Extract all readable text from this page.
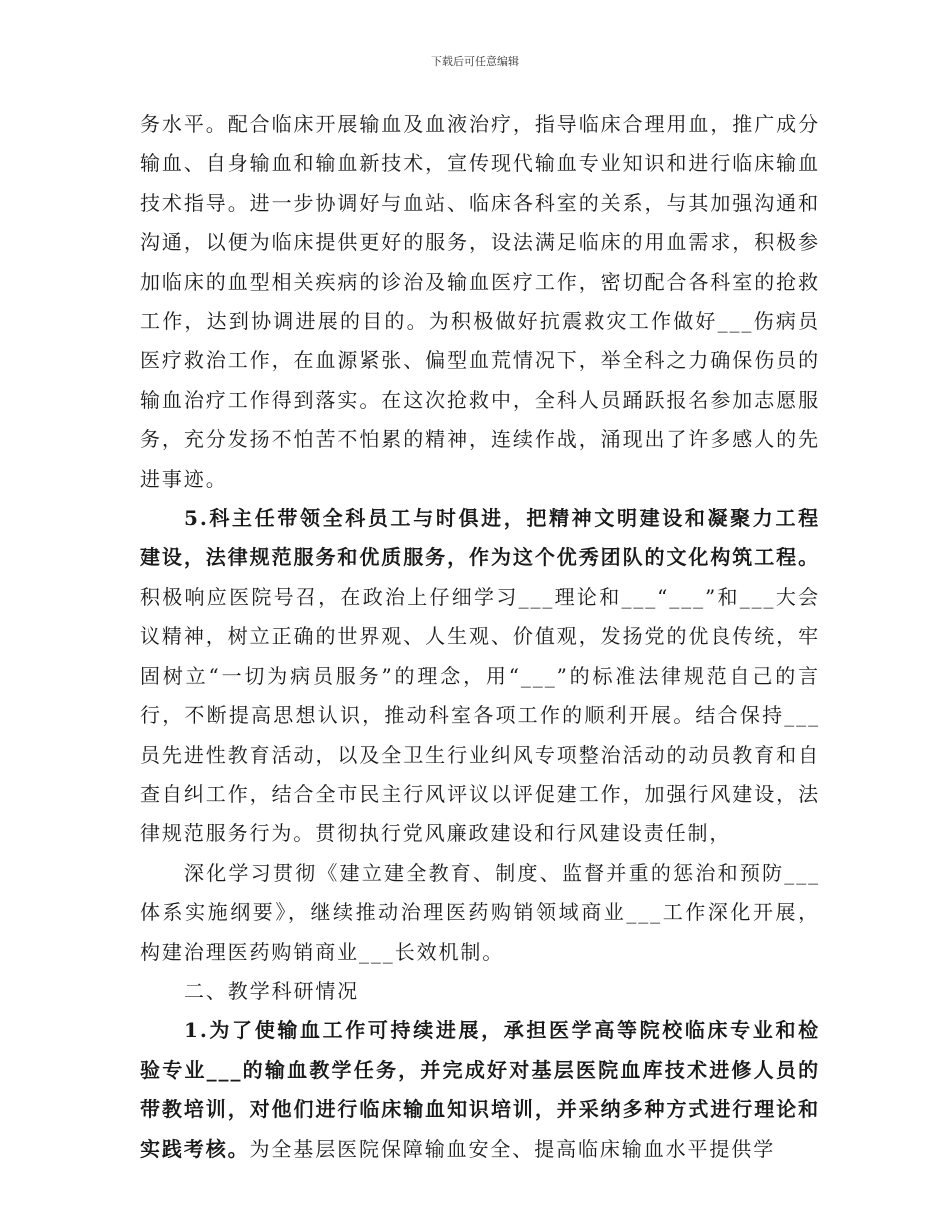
下载后可任意编辑

务水平。配合临床开展输血及血液治疗，指导临床合理用血，推广成分输血、自身输血和输血新技术，宣传现代输血专业知识和进行临床输血技术指导。进一步协调好与血站、临床各科室的关系，与其加强沟通和沟通，以便为临床提供更好的服务，设法满足临床的用血需求，积极参加临床的血型相关疾病的诊治及输血医疗工作，密切配合各科室的抢救工作，达到协调进展的目的。为积极做好抗震救灾工作做好___伤病员医疗救治工作，在血源紧张、偏型血荒情况下，举全科之力确保伤员的输血治疗工作得到落实。在这次抢救中，全科人员踊跃报名参加志愿服务，充分发扬不怕苦不怕累的精神，连续作战，涌现出了许多感人的先进事迹。

5.科主任带领全科员工与时俱进，把精神文明建设和凝聚力工程建设，法律规范服务和优质服务，作为这个优秀团队的文化构筑工程。积极响应医院号召，在政治上仔细学习___理论和___“___”和___大会议精神，树立正确的世界观、人生观、价值观，发扬党的优良传统，牢固树立“一切为病员服务”的理念，用“___”的标准法律规范自己的言行，不断提高思想认识，推动科室各项工作的顺利开展。结合保持___员先进性教育活动，以及全卫生行业纠风专项整治活动的动员教育和自查自纠工作，结合全市民主行风评议以评促建工作，加强行风建设，法律规范服务行为。贯彻执行党风廉政建设和行风建设责任制，

深化学习贯彻《建立建全教育、制度、监督并重的惩治和预防___体系实施纲要》，继续推动治理医药购销领域商业___工作深化开展，构建治理医药购销商业___长效机制。

二、教学科研情况

1.为了使输血工作可持续进展，承担医学高等院校临床专业和检验专业___的输血教学任务，并完成好对基层医院血库技术进修人员的带教培训，对他们进行临床输血知识培训，并采纳多种方式进行理论和实践考核。为全基层医院保障输血安全、提高临床输血水平提供学
